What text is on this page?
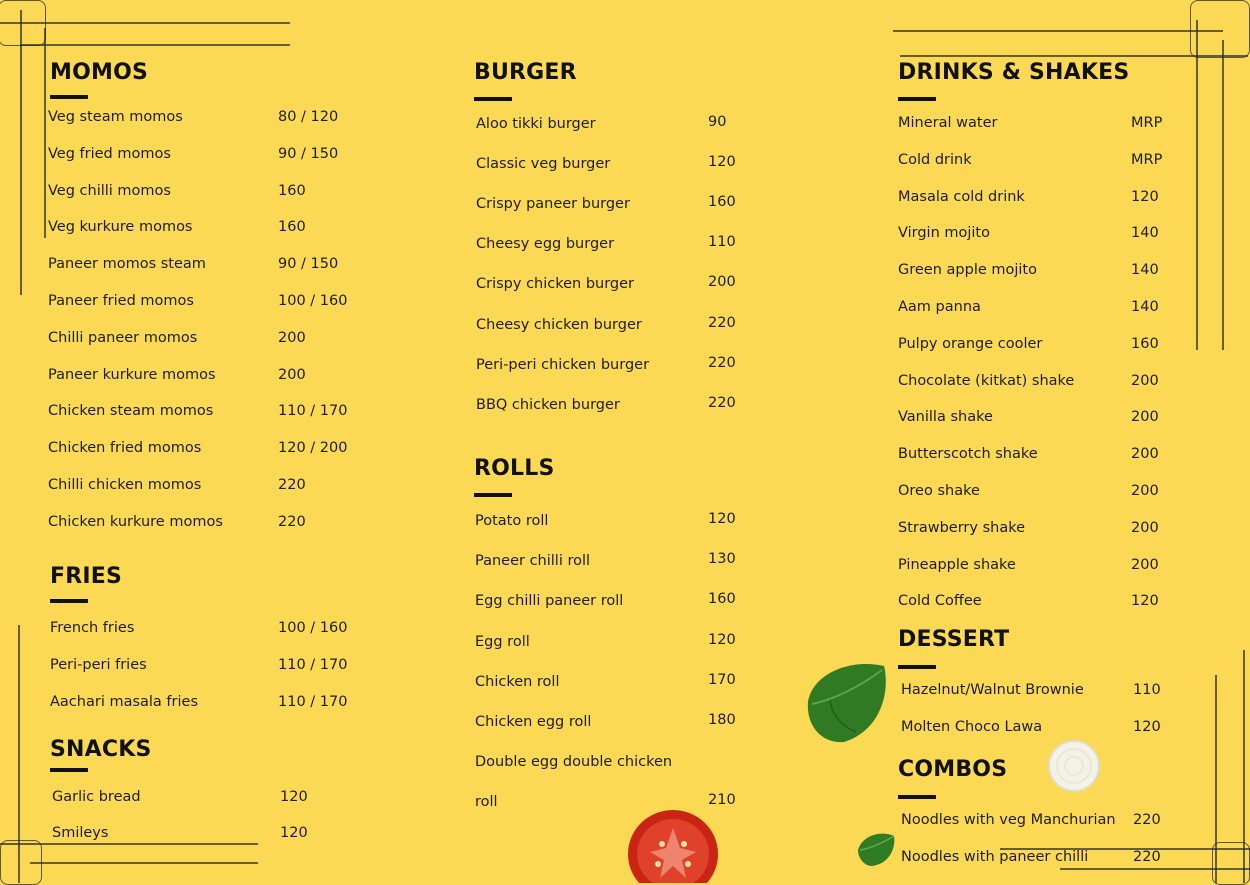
MOMOS
Veg steam momos	80 / 120
Veg fried momos	90 / 150
Veg chilli momos	160
Veg kurkure momos	160
Paneer momos steam	90 / 150
Paneer fried momos	100 / 160
Chilli paneer momos	200
Paneer kurkure momos	200
Chicken steam momos	110 / 170
Chicken fried momos	120 / 200
Chilli chicken momos	220
Chicken kurkure momos	220
FRIES
French fries	100 / 160
Peri-peri fries	110 / 170
Aachari masala fries	110 / 170
SNACKS
Garlic bread	120
Smileys	120
BURGER
Aloo tikki burger	90
Classic veg burger	120
Crispy paneer burger	160
Cheesy egg burger	110
Crispy chicken burger	200
Cheesy chicken burger	220
Peri-peri chicken burger	220
BBQ chicken burger	220
ROLLS
Potato roll	120
Paneer chilli roll	130
Egg chilli paneer roll	160
Egg roll	120
Chicken roll	170
Chicken egg roll	180
Double egg double chicken
roll	210
DRINKS & SHAKES
Mineral water	MRP
Cold drink	MRP
Masala cold drink	120
Virgin mojito	140
Green apple mojito	140
Aam panna	140
Pulpy orange cooler	160
Chocolate (kitkat) shake	200
Vanilla shake	200
Butterscotch shake	200
Oreo shake	200
Strawberry shake	200
Pineapple shake	200
Cold Coffee	120
DESSERT
Hazelnut/Walnut Brownie	110
Molten Choco Lawa	120
COMBOS
Noodles with veg Manchurian 220
Noodles with paneer chilli	220
